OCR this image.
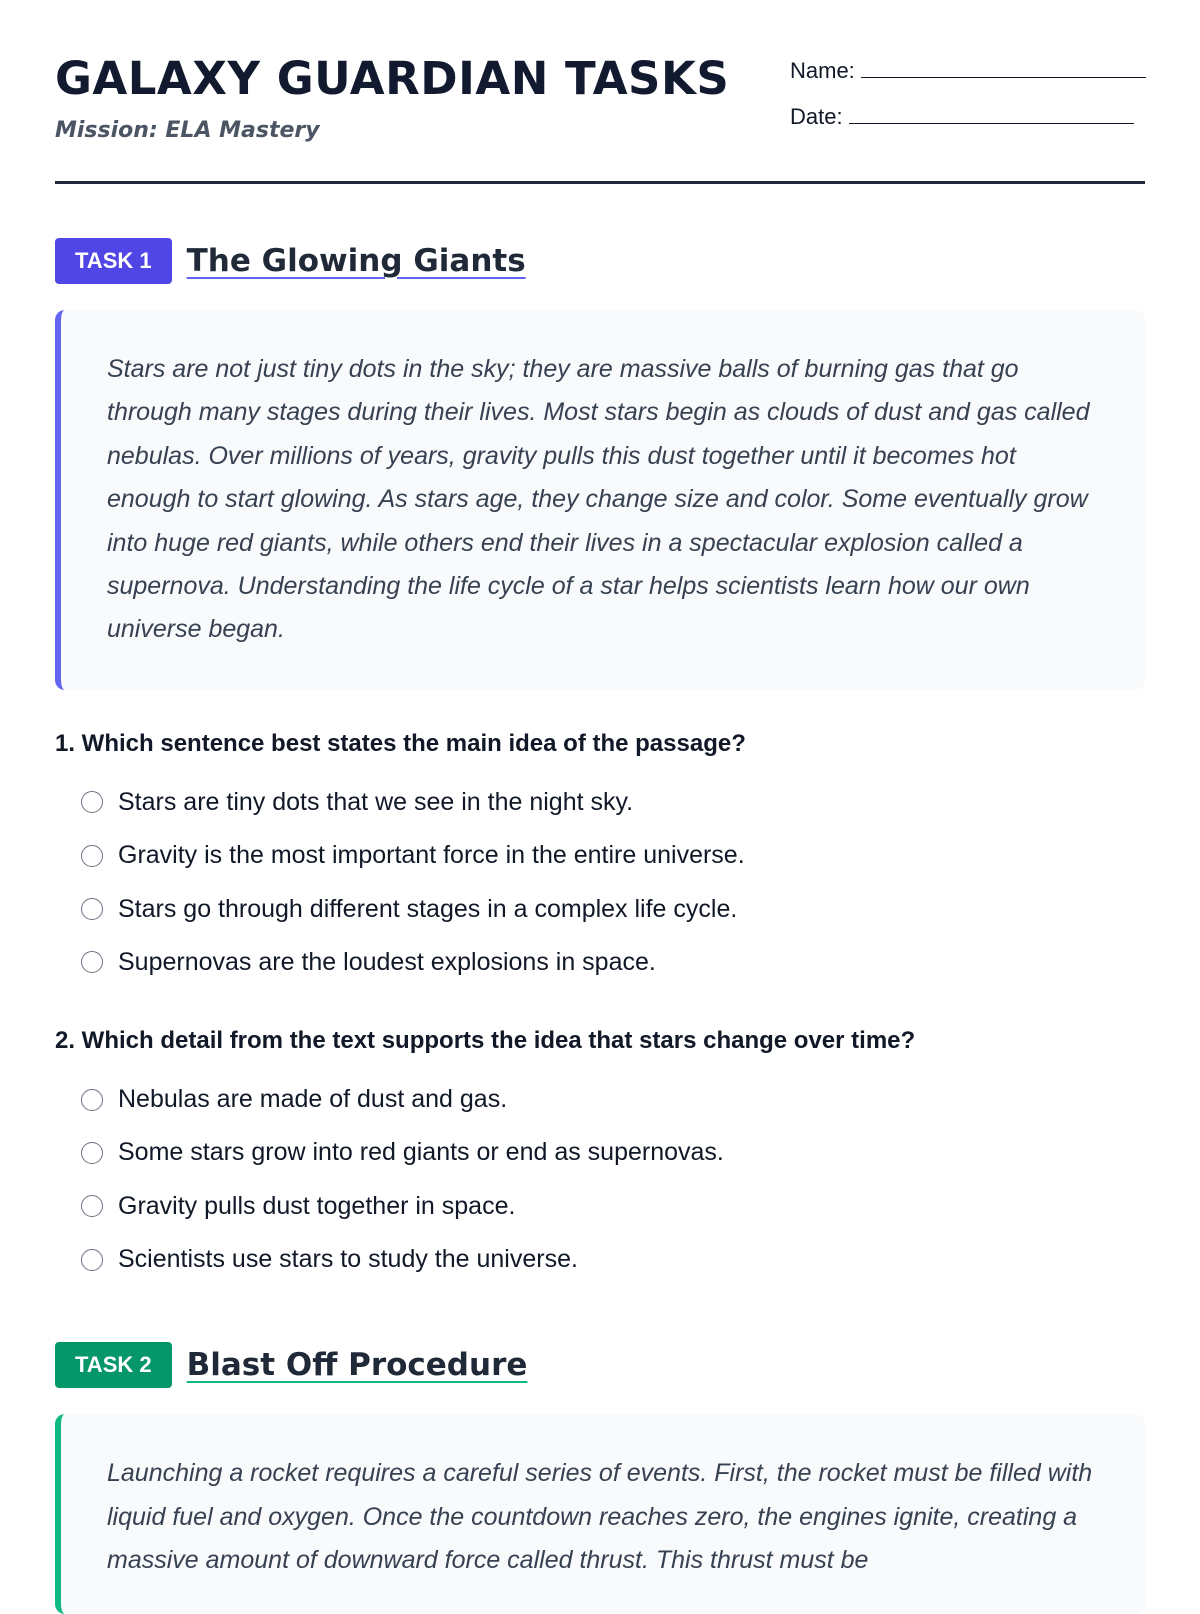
GALAXY GUARDIAN TASKS
Mission: ELA Mastery
Name:
Date:
TASK 1	The Glowing Giants
Stars are not just tiny dots in the sky; they are massive balls of burning gas that go through many stages during their lives. Most stars begin as clouds of dust and gas called nebulas. Over millions of years, gravity pulls this dust together until it becomes hot enough to start glowing. As stars age, they change size and color. Some eventually grow into huge red giants, while others end their lives in a spectacular explosion called a supernova. Understanding the life cycle of a star helps scientists learn how our own universe began.
1. Which sentence best states the main idea of the passage?
Stars are tiny dots that we see in the night sky.
Gravity is the most important force in the entire universe.
Stars go through different stages in a complex life cycle.
Supernovas are the loudest explosions in space.
2. Which detail from the text supports the idea that stars change over time?
Nebulas are made of dust and gas.
Some stars grow into red giants or end as supernovas.
Gravity pulls dust together in space.
Scientists use stars to study the universe.
TASK 2	Blast Off Procedure
Launching a rocket requires a careful series of events. First, the rocket must be filled with liquid fuel and oxygen. Once the countdown reaches zero, the engines ignite, creating a massive amount of downward force called thrust. This thrust must be
